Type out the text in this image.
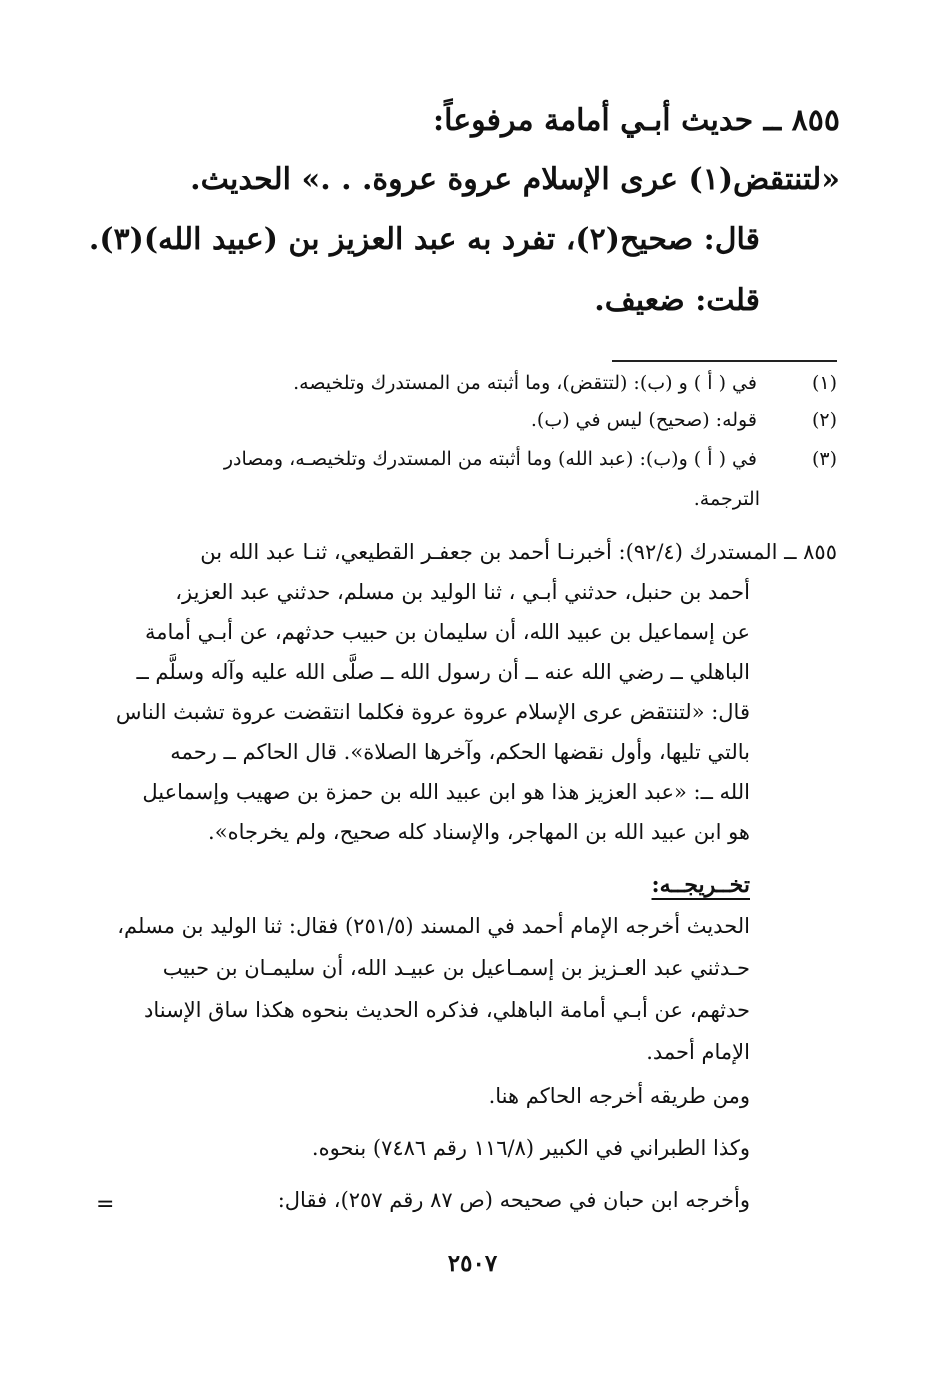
٨٥٥ ــ حديث أبـي أمامة مرفوعاً:
«لتنتقض(١) عرى الإسلام عروة عروة. . .» الحديث.
قال: صحيح(٢)، تفرد به عبد العزيز بن (عبيد الله)(٣).
قلت: ضعيف.
(١) في ( أ ) و (ب): (لتتقض)، وما أثبته من المستدرك وتلخيصه.
(٢) قوله: (صحيح) ليس في (ب).
(٣) في ( أ ) و(ب): (عبد الله) وما أثبته من المستدرك وتلخيصـه، ومصادر
الترجمة.
٨٥٥ ــ المستدرك (٩٢/٤): أخبرنـا أحمد بن جعفـر القطيعي، ثنـا عبد الله بن
أحمد بن حنبل، حدثني أبـي ، ثنا الوليد بن مسلم، حدثني عبد العزيز،
عن إسماعيل بن عبيد الله، أن سليمان بن حبيب حدثهم، عن أبـي أمامة
الباهلي ــ رضي الله عنه ــ أن رسول الله ــ صلَّى الله عليه وآله وسلَّم ــ
قال: «لتنتقض عرى الإسلام عروة عروة فكلما انتقضت عروة تشبث الناس
بالتي تليها، وأول نقضها الحكم، وآخرها الصلاة». قال الحاكم ــ رحمه
الله ــ: «عبد العزيز هذا هو ابن عبيد الله بن حمزة بن صهيب وإسماعيل
هو ابن عبيد الله بن المهاجر، والإسناد كله صحيح، ولم يخرجاه».
تخــريجــه:
الحديث أخرجه الإمام أحمد في المسند (٢٥١/٥) فقال: ثنا الوليد بن مسلم،
حـدثني عبد العـزيز بن إسمـاعيل بن عبيـد الله، أن سليمـان بن حبيب
حدثهم، عن أبـي أمامة الباهلي، فذكره الحديث بنحوه هكذا ساق الإسناد
الإمام أحمد.
ومن طريقه أخرجه الحاكم هنا.
وكذا الطبراني في الكبير (١١٦/٨ رقم ٧٤٨٦) بنحوه.
وأخرجه ابن حبان في صحيحه (ص ٨٧ رقم ٢٥٧)، فقال:
=
٢٥٠٧
